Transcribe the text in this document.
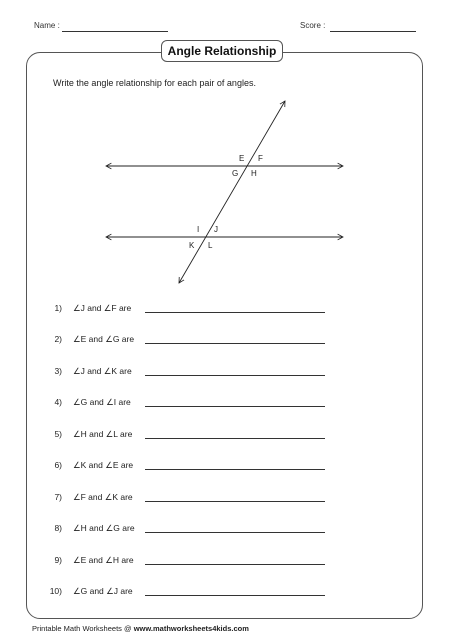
Name :	Score :
Angle Relationship
Write the angle relationship for each pair of angles.
E F
G H
I J
K L
1) ∠J and ∠F are
2) ∠E and ∠G are
3) ∠J and ∠K are
4) ∠G and ∠I are
5) ∠H and ∠L are
6) ∠K and ∠E are
7) ∠F and ∠K are
8) ∠H and ∠G are
9) ∠E and ∠H are
10) ∠G and ∠J are
Printable Math Worksheets @ www.mathworksheets4kids.com
